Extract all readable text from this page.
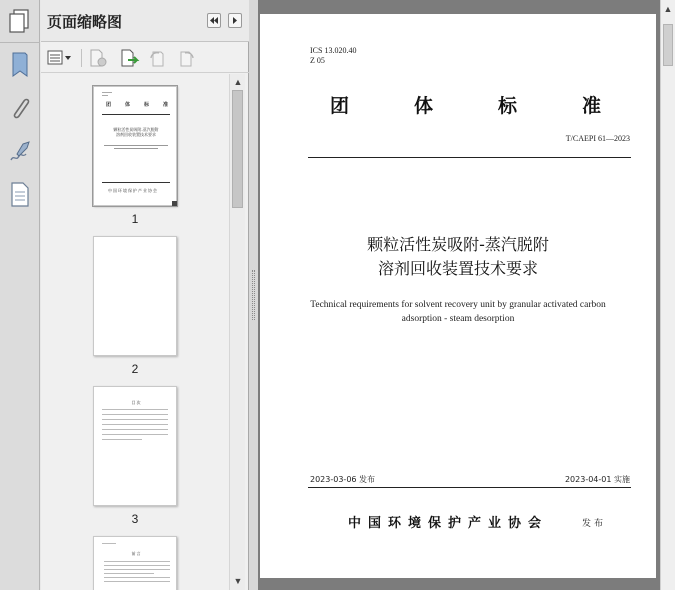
页面缩略图
团	体	标	准
颗粒活性炭吸附-蒸汽脱附溶剂回收装置技术要求
中国环境保护产业协会
1
2
目 次
3
前 言
▲
▼
ICS 13.020.40
Z 05
团	体	标	准
T/CAEPI 61—2023
颗粒活性炭吸附-蒸汽脱附
溶剂回收装置技术要求
Technical requirements for solvent recovery unit by granular activated carbon
adsorption - steam desorption
2023-03-06 发布	2023-04-01 实施
中国环境保护产业协会	发布
▲
